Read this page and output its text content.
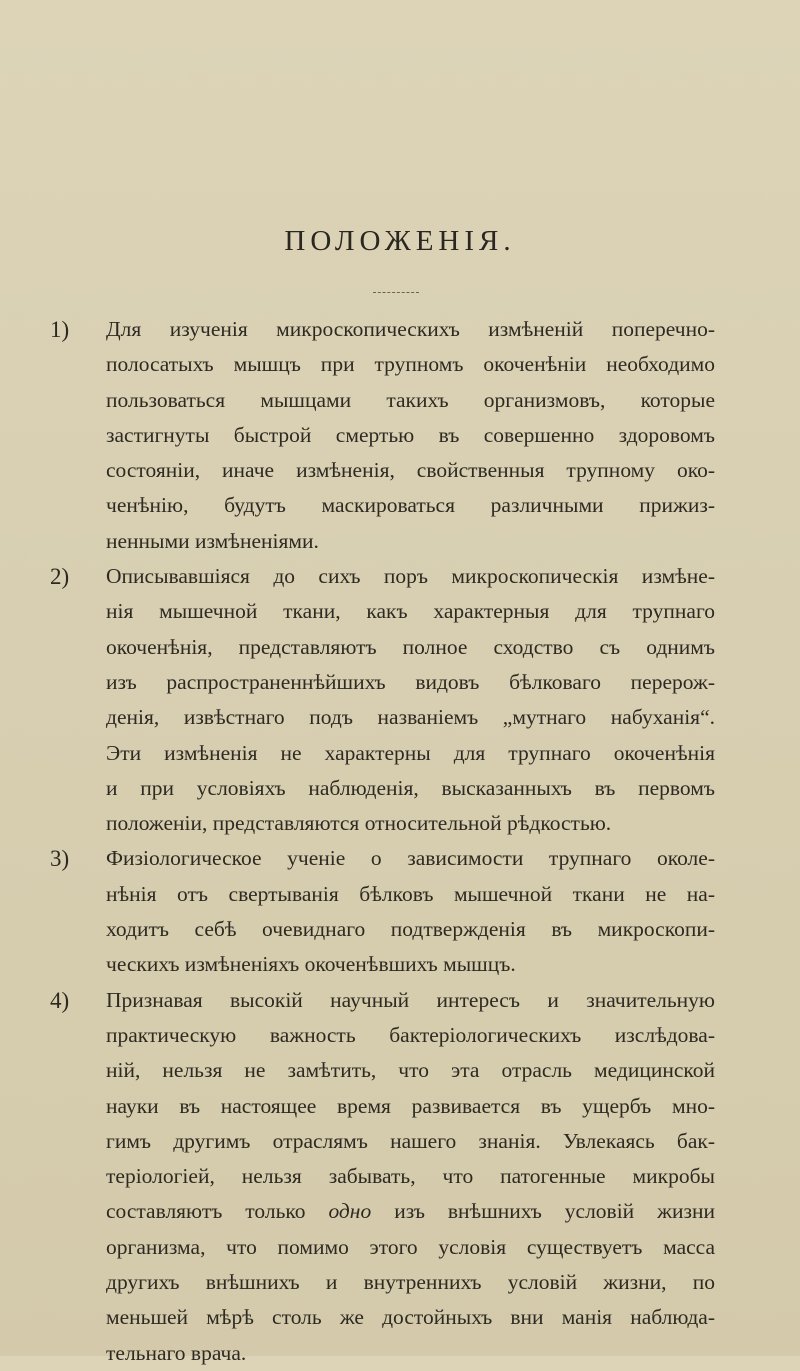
ПОЛОЖЕНІЯ.
1) Для изученія микроскопическихъ измѣненій поперечно-
полосатыхъ мышцъ при трупномъ окоченѣніи необходимо
пользоваться мышцами такихъ организмовъ, которые
застигнуты быстрой смертью въ совершенно здоровомъ
состояніи, иначе измѣненія, свойственныя трупному око-
ченѣнію, будутъ маскироваться различными прижиз-
ненными измѣненіями.
2) Описывавшіяся до сихъ поръ микроскопическія измѣне-
нія мышечной ткани, какъ характерныя для трупнаго
окоченѣнія, представляютъ полное сходство съ однимъ
изъ распространеннѣйшихъ видовъ бѣлковаго перерож-
денія, извѣстнаго подъ названіемъ „мутнаго набуханія“.
Эти измѣненія не характерны для трупнаго окоченѣнія
и при условіяхъ наблюденія, высказанныхъ въ первомъ
положеніи, представляются относительной рѣдкостью.
3) Физіологическое ученіе о зависимости трупнаго околе-
нѣнія отъ свертыванія бѣлковъ мышечной ткани не на-
ходитъ себѣ очевиднаго подтвержденія въ микроскопи-
ческихъ измѣненіяхъ окоченѣвшихъ мышцъ.
4) Признавая высокій научный интересъ и значительную
практическую важность бактеріологическихъ изслѣдова-
ній, нельзя не замѣтить, что эта отрасль медицинской
науки въ настоящее время развивается въ ущербъ мно-
гимъ другимъ отраслямъ нашего знанія. Увлекаясь бак-
теріологіей, нельзя забывать, что патогенные микробы
составляютъ только одно изъ внѣшнихъ условій жизни
организма, что помимо этого условія существуетъ масса
другихъ внѣшнихъ и внутреннихъ условій жизни, по
меньшей мѣрѣ столь же достойныхъ вни манія наблюда-
тельнаго врача.
